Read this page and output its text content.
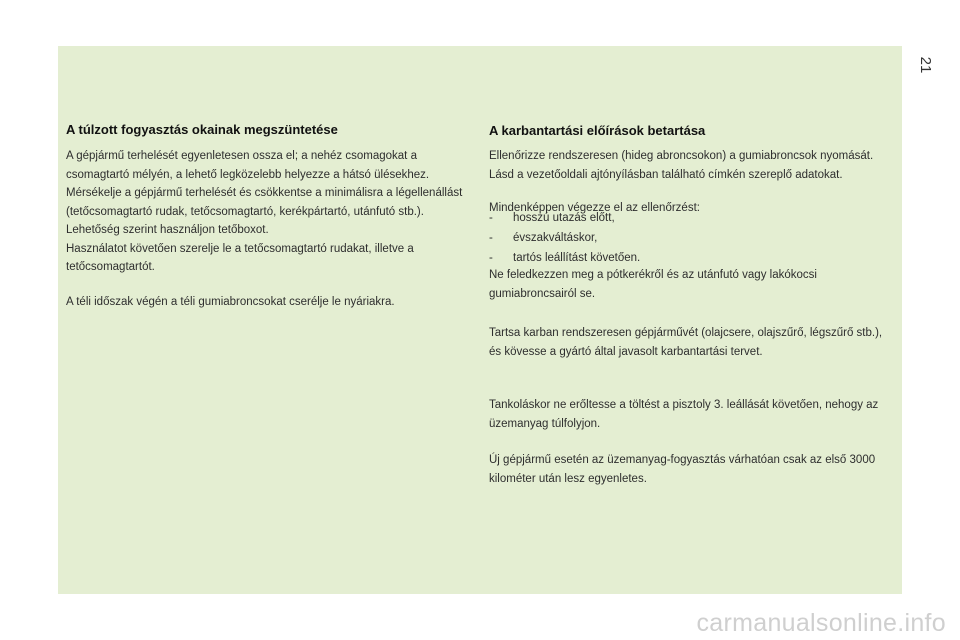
21
A túlzott fogyasztás okainak megszüntetése

A gépjármű terhelését egyenletesen ossza el; a nehéz csomagokat a csomagtartó mélyén, a lehető legközelebb helyezze a hátsó ülésekhez.
Mérsékelje a gépjármű terhelését és csökkentse a minimálisra a légellenállást (tetőcsomagtartó rudak, tetőcsomagtartó, kerékpártartó, utánfutó stb.). Lehetőség szerint használjon tetőboxot.
Használatot követően szerelje le a tetőcsomagtartó rudakat, illetve a tetőcsomagtartót.

A téli időszak végén a téli gumiabroncsokat cserélje le nyáriakra.

A karbantartási előírások betartása

Ellenőrizze rendszeresen (hideg abroncsokon) a gumiabroncsok nyomását. Lásd a vezetőoldali ajtónyílásban található címkén szereplő adatokat.

Mindenképpen végezze el az ellenőrzést:

- hosszú utazás előtt,
- évszakváltáskor,
- tartós leállítást követően.

Ne feledkezzen meg a pótkerékről és az utánfutó vagy lakókocsi gumiabroncsairól se.

Tartsa karban rendszeresen gépjárművét (olajcsere, olajszűrő, légszűrő stb.), és kövesse a gyártó által javasolt karbantartási tervet.

Tankoláskor ne erőltesse a töltést a pisztoly 3. leállását követően, nehogy az üzemanyag túlfolyjon.

Új gépjármű esetén az üzemanyag-fogyasztás várhatóan csak az első 3000 kilométer után lesz egyenletes.

carmanualsonline.info
